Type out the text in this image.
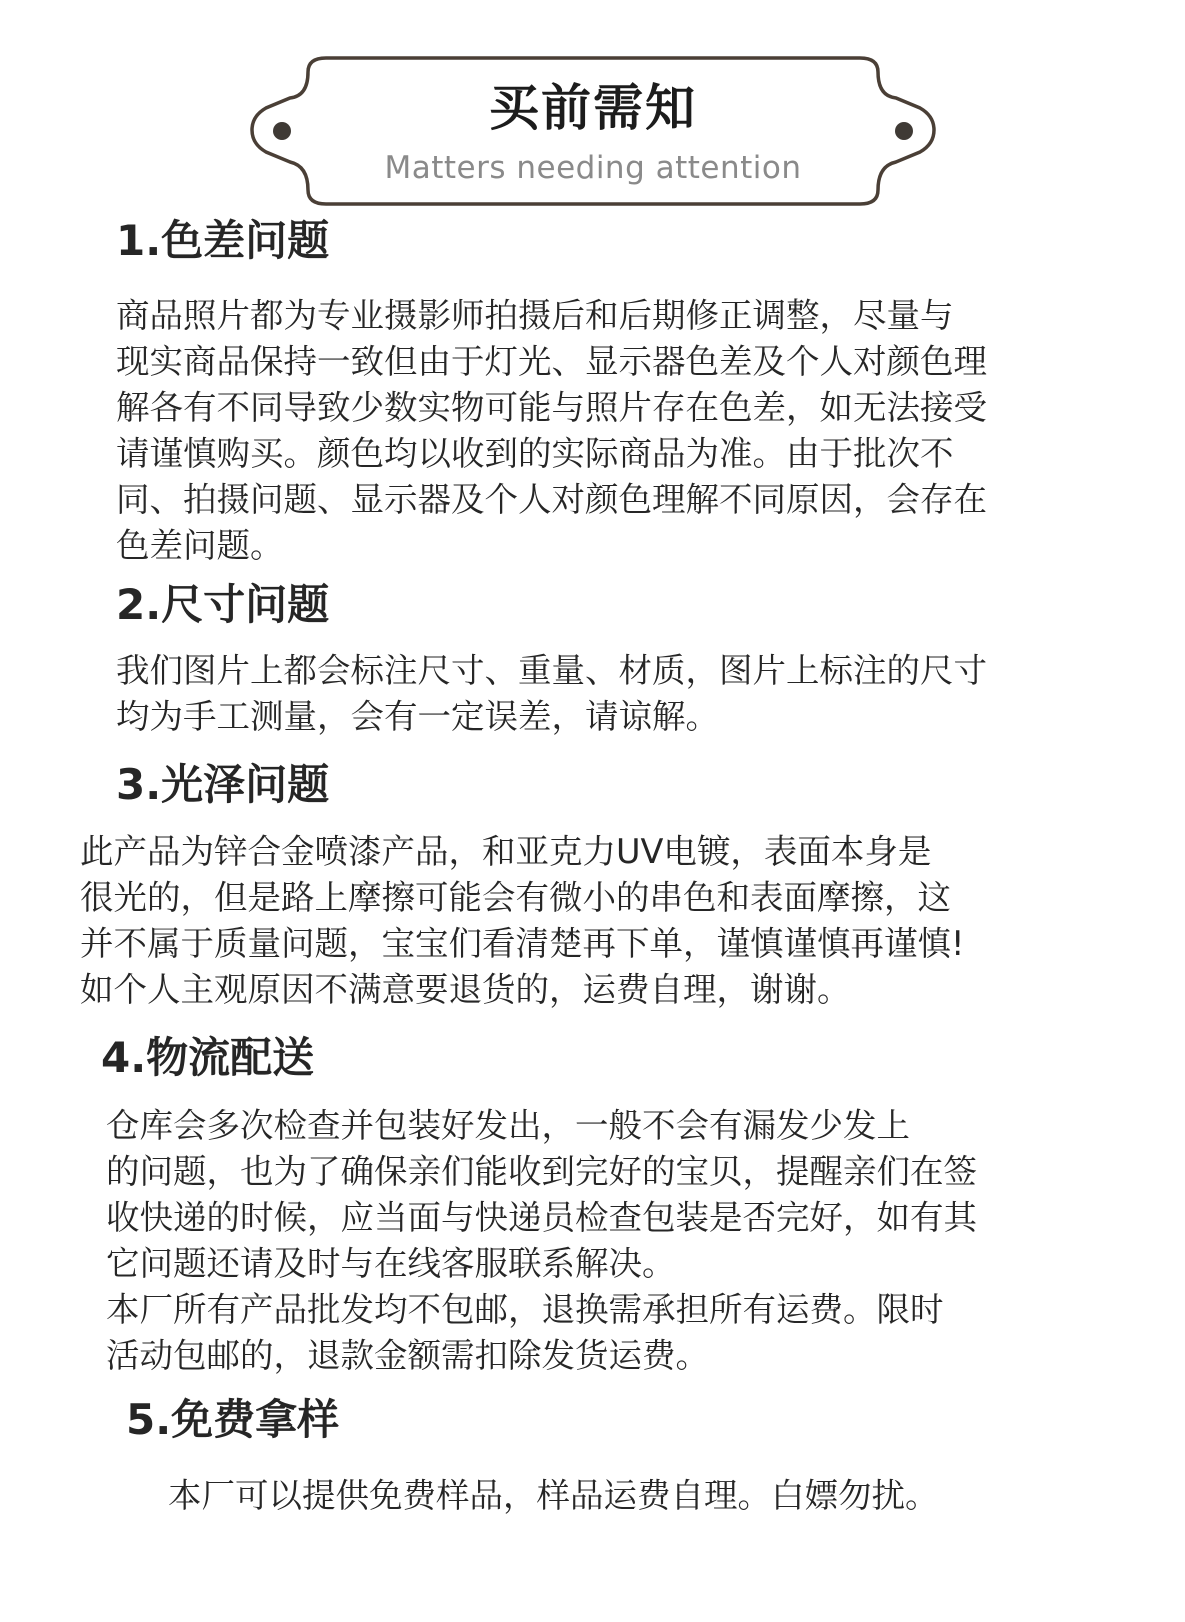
买前需知
Matters needing attention
1.色差问题
商品照片都为专业摄影师拍摄后和后期修正调整，尽量与
现实商品保持一致但由于灯光、显示器色差及个人对颜色理
解各有不同导致少数实物可能与照片存在色差，如无法接受
请谨慎购买。颜色均以收到的实际商品为准。由于批次不
同、拍摄问题、显示器及个人对颜色理解不同原因，会存在
色差问题。
2.尺寸问题
我们图片上都会标注尺寸、重量、材质，图片上标注的尺寸
均为手工测量，会有一定误差，请谅解。
3.光泽问题
此产品为锌合金喷漆产品，和亚克力UV电镀，表面本身是
很光的，但是路上摩擦可能会有微小的串色和表面摩擦，这
并不属于质量问题，宝宝们看清楚再下单，谨慎谨慎再谨慎!
如个人主观原因不满意要退货的，运费自理，谢谢。
4.物流配送
仓库会多次检查并包装好发出，一般不会有漏发少发上
的问题，也为了确保亲们能收到完好的宝贝，提醒亲们在签
收快递的时候，应当面与快递员检查包装是否完好，如有其
它问题还请及时与在线客服联系解决。
本厂所有产品批发均不包邮，退换需承担所有运费。限时
活动包邮的，退款金额需扣除发货运费。
5.免费拿样
本厂可以提供免费样品，样品运费自理。白嫖勿扰。
